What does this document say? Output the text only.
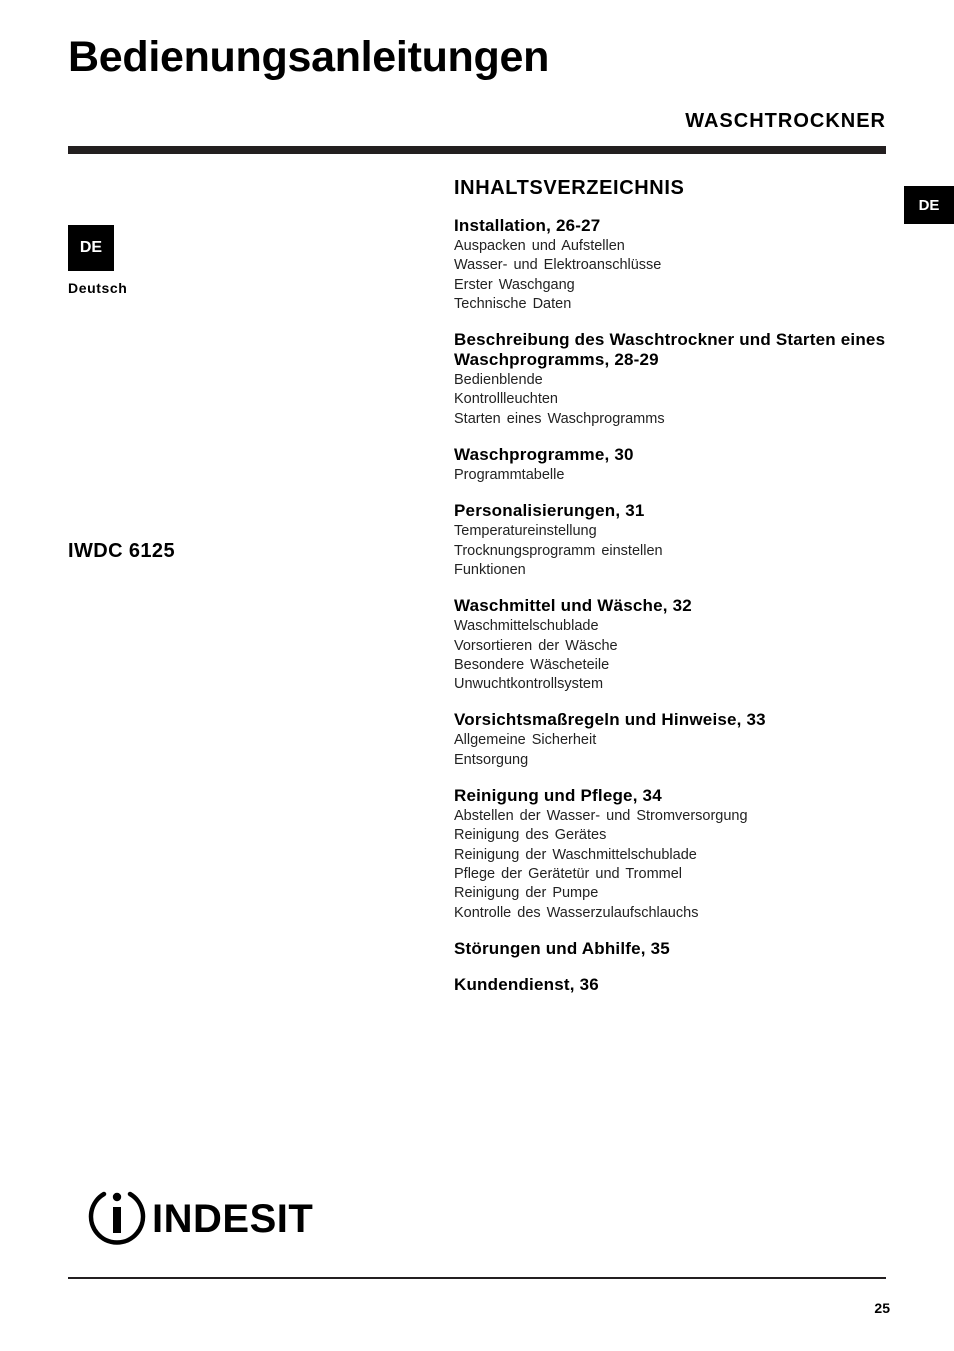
Bedienungsanleitungen
WASCHTROCKNER
DE
Deutsch
DE
IWDC 6125
INHALTSVERZEICHNIS
Installation, 26-27
Auspacken und Aufstellen
Wasser- und Elektroanschlüsse
Erster Waschgang
Technische Daten
Beschreibung des Waschtrockner und Starten eines Waschprogramms, 28-29
Bedienblende
Kontrollleuchten
Starten eines Waschprogramms
Waschprogramme, 30
Programmtabelle
Personalisierungen, 31
Temperatureinstellung
Trocknungsprogramm einstellen
Funktionen
Waschmittel und Wäsche, 32
Waschmittelschublade
Vorsortieren der Wäsche
Besondere Wäscheteile
Unwuchtkontrollsystem
Vorsichtsmaßregeln und Hinweise, 33
Allgemeine Sicherheit
Entsorgung
Reinigung und Pflege, 34
Abstellen der Wasser- und Stromversorgung
Reinigung des Gerätes
Reinigung der Waschmittelschublade
Pflege der Gerätetür und Trommel
Reinigung der Pumpe
Kontrolle des Wasserzulaufschlauchs
Störungen und Abhilfe, 35
Kundendienst, 36
INDESIT
25
